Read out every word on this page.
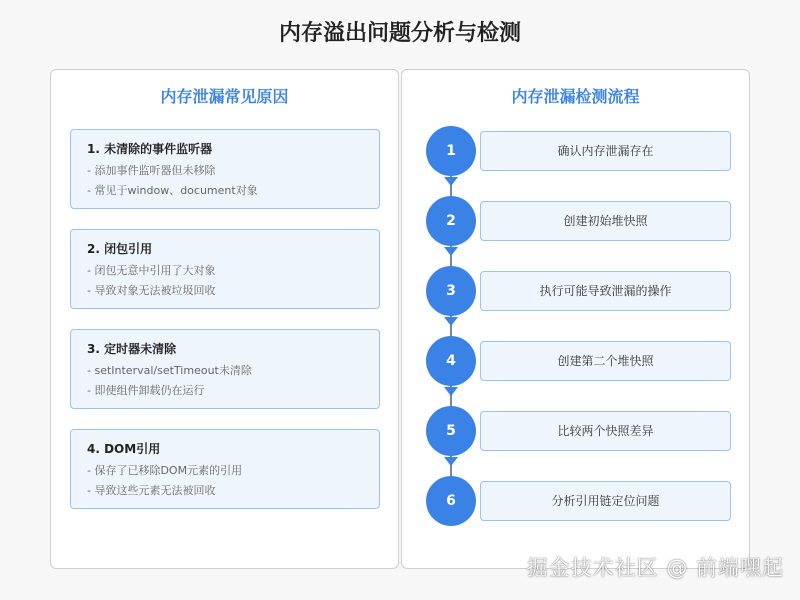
内存溢出问题分析与检测
内存泄漏常见原因
1. 未清除的事件监听器
- 添加事件监听器但未移除
- 常见于window、document对象
2. 闭包引用
- 闭包无意中引用了大对象
- 导致对象无法被垃圾回收
3. 定时器未清除
- setInterval/setTimeout未清除
- 即使组件卸载仍在运行
4. DOM引用
- 保存了已移除DOM元素的引用
- 导致这些元素无法被回收
内存泄漏检测流程
1	确认内存泄漏存在
2	创建初始堆快照
3	执行可能导致泄漏的操作
4	创建第二个堆快照
5	比较两个快照差异
6	分析引用链定位问题
掘金技术社区 @ 前端嘿起
